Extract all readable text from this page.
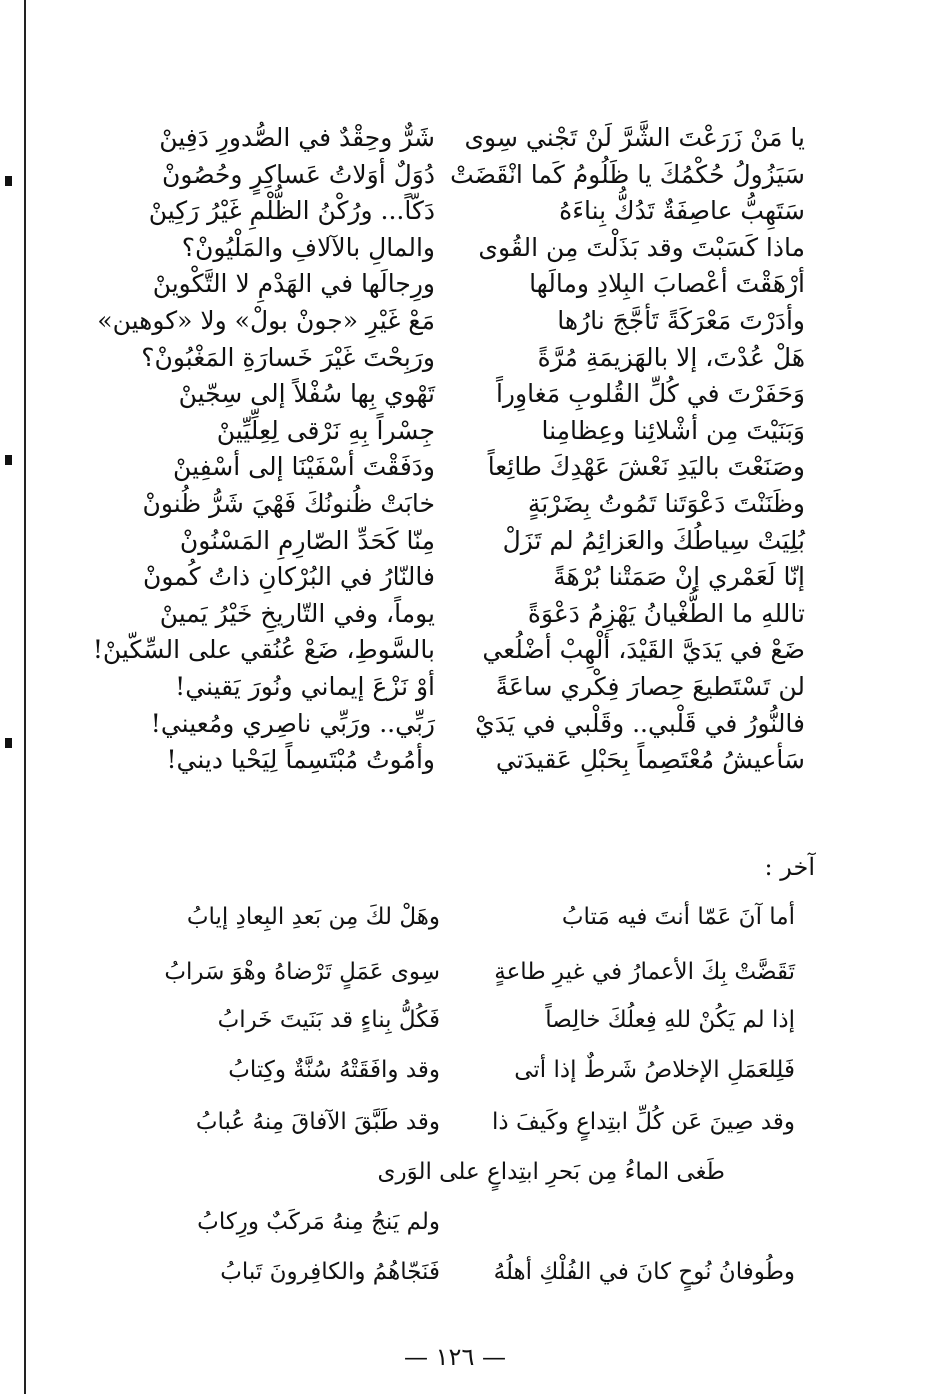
يا مَنْ زَرَعْتَ الشَّرَّ لَنْ تَجْني سِوى
شَرٌّ وحِقْدٌ في الصُّدورِ دَفِينْ
سَيَزُولُ حُكْمُكَ يا ظَلُومُ كَما انْقَضَتْ
دُوَلٌ أوَلاتُ عَساكِرٍ وحُصُونْ
سَتَهِبُّ عاصِفَةٌ تَدُكُّ بِناءَهُ
دَكّاً... ورُكْنُ الظُّلْمِ غَيْرُ رَكِينْ
ماذا كَسَبْتَ وقد بَذَلْتَ مِن القُوى
والمالِ بالآلافِ والمَلْيُونْ؟
أرْهَقْتَ أعْصابَ البِلادِ ومالَها
ورِجالَها في الهَدْمِ لا التَّكْوينْ
وأدَرْتَ مَعْرَكَةً تَأجَّجَ نارُها
مَعْ غَيْرِ «جونْ بولْ» ولا «كوهين»
هَلْ عُدْتَ، إلا بالهَزيمَةِ مُرَّةً
ورَبِحْتَ غَيْرَ خَسارَةِ المَغْبُونْ؟
وَحَفَرْتَ في كُلِّ القُلوبِ مَغاوِراً
تَهْوي بِها سُفْلاً إلى سِجّينْ
وَبَنَيْتَ مِن أشْلائِنا وعِظامِنا
جِسْراً بِهِ نَرْقى لِعِلِّيِّينْ
وصَنَعْتَ باليَدِ نَعْشَ عَهْدِكَ طائِعاً
ودَفَقْتَ أسْفَيْنَا إلى أسْفِينْ
وظَنَنْتَ دَعْوَتَنا تَمُوتُ بِضَرْبَةٍ
خابَتْ ظُنونُكَ فَهْيَ شَرُّ ظُنونْ
بُلِيَتْ سِياطُكَ والعَزائِمُ لم تَزَلْ
مِنّا كَحَدِّ الصّارِمِ المَسْنُونْ
إنّا لَعَمْري إنْ صَمَتْنا بُرْهَةً
فالنّارُ في البُرْكانِ ذاتُ كُمونْ
تاللهِ ما الطُّغْيانُ يَهْزِمُ دَعْوَةً
يوماً، وفي التّاريخِ خَيْرُ يَمينْ
ضَعْ في يَدَيَّ القَيْدَ، ألْهِبْ أضْلُعي
بالسَّوطِ، ضَعْ عُنُقي على السِّكّينْ!
لن تَسْتَطيعَ حِصارَ فِكْري ساعَةً
أوْ نَزْعَ إيماني ونُورَ يَقيني!
فالنُّورُ في قَلْبي.. وقَلْبي في يَدَيْ
رَبِّي.. ورَبِّي ناصِري ومُعيني!
سَأعيشُ مُعْتَصِماً بِحَبْلِ عَقيدَتي
وأمُوتُ مُبْتَسِماً لِيَحْيا ديني!
آخر :
أما آنَ عَمّا أنتَ فيه مَتابُ
وهَلْ لكَ مِن بَعدِ البِعادِ إيابُ
تَقَضَّتْ بِكَ الأعمارُ في غيرِ طاعةٍ
سِوى عَمَلٍ تَرْضاهُ وهْوَ سَرابُ
إذا لم يَكُنْ للهِ فِعلُكَ خالِصاً
فَكُلُّ بِناءٍ قد بَنَيتَ خَرابُ
فَلِلعَمَلِ الإخلاصُ شَرطٌ إذا أتى
وقد وافَقَتْهُ سُنَّةٌ وكِتابُ
وقد صِينَ عَن كُلِّ ابتِداعٍ وكَيفَ ذا
وقد طَبَّقَ الآفاقَ مِنهُ عُبابُ
طَغى الماءُ مِن بَحرِ ابتِداعٍ على الوَرى
ولم يَنجُ مِنهُ مَركَبٌ ورِكابُ
وطُوفانُ نُوحٍ كانَ في الفُلْكِ أهلُهُ
فَنَجّاهُمُ والكافِرونَ تَبابُ
— ١٢٦ —
